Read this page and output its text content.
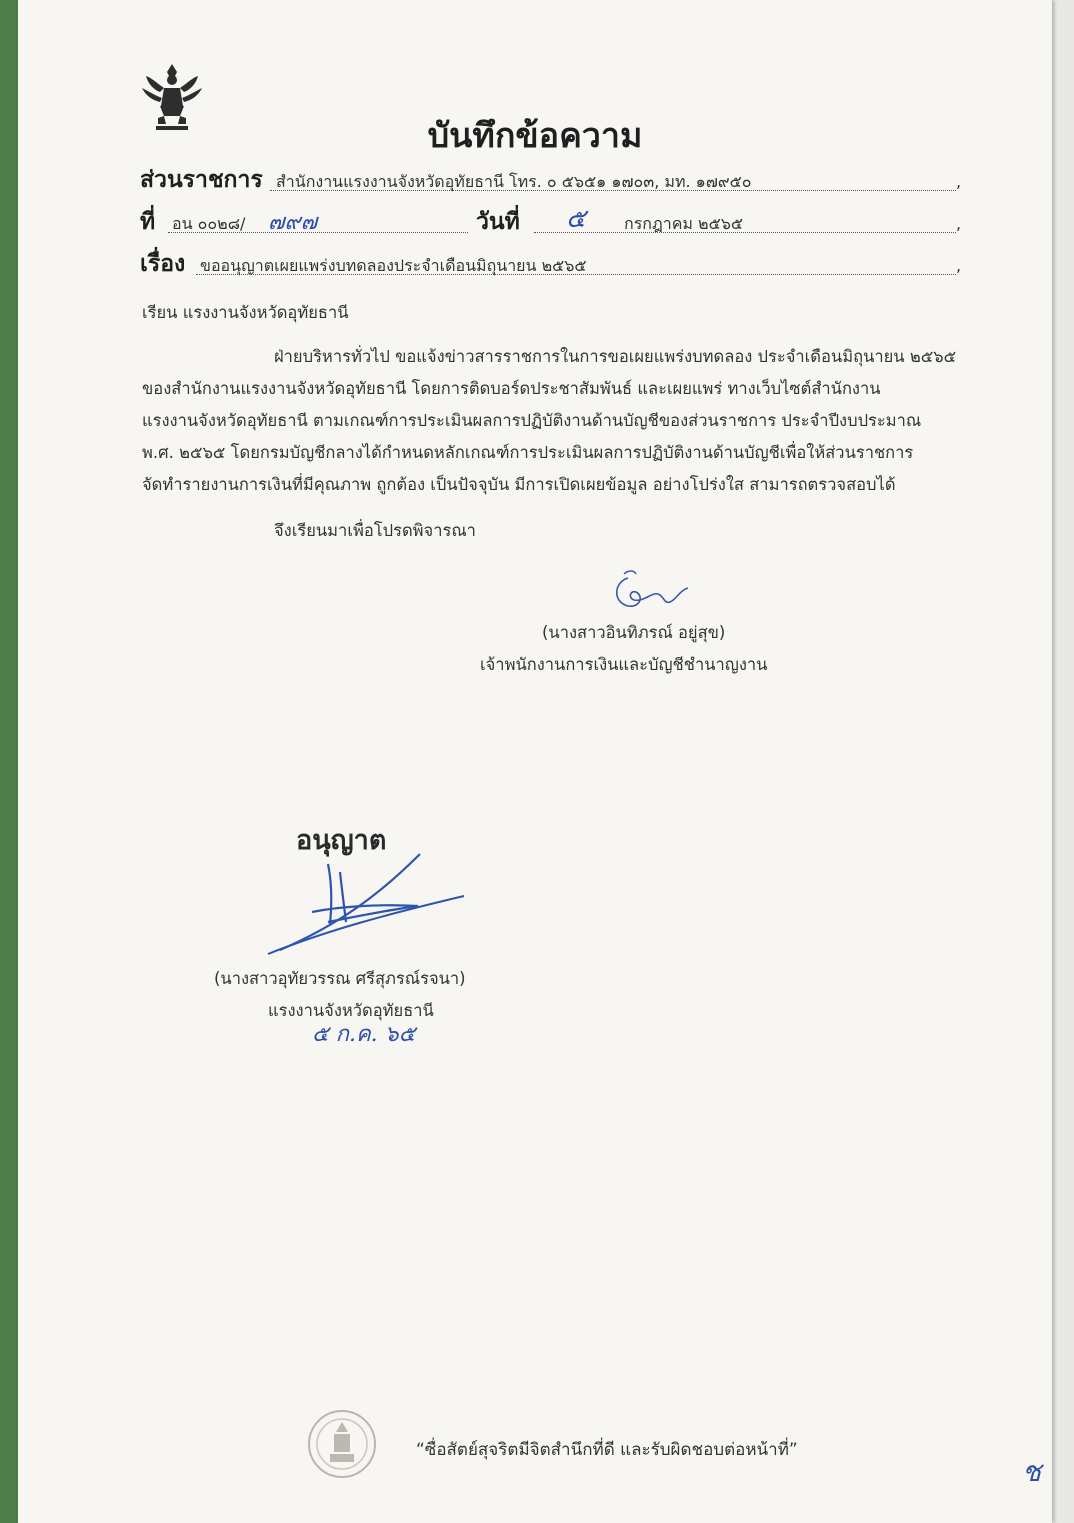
บันทึกข้อความ
ส่วนราชการ สำนักงานแรงงานจังหวัดอุทัยธานี โทร. ๐ ๕๖๕๑ ๑๗๐๓, มท. ๑๗๙๕๐	,
ที่ อน ๐๐๒๘/ ๗๙๗	วันที่ ๕ กรกฎาคม ๒๕๖๕	,
เรื่อง ขออนุญาตเผยแพร่งบทดลองประจำเดือนมิถุนายน ๒๕๖๕	,
เรียน แรงงานจังหวัดอุทัยธานี
ฝ่ายบริหารทั่วไป ขอแจ้งข่าวสารราชการในการขอเผยแพร่งบทดลอง ประจำเดือนมิถุนายน ๒๕๖๕
ของสำนักงานแรงงานจังหวัดอุทัยธานี โดยการติดบอร์ดประชาสัมพันธ์ และเผยแพร่ ทางเว็บไซต์สำนักงาน
แรงงานจังหวัดอุทัยธานี ตามเกณฑ์การประเมินผลการปฏิบัติงานด้านบัญชีของส่วนราชการ ประจำปีงบประมาณ
พ.ศ. ๒๕๖๕ โดยกรมบัญชีกลางได้กำหนดหลักเกณฑ์การประเมินผลการปฏิบัติงานด้านบัญชีเพื่อให้ส่วนราชการ
จัดทำรายงานการเงินที่มีคุณภาพ ถูกต้อง เป็นปัจจุบัน มีการเปิดเผยข้อมูล อย่างโปร่งใส สามารถตรวจสอบได้
จึงเรียนมาเพื่อโปรดพิจารณา
(นางสาวอินทิภรณ์ อยู่สุข)
เจ้าพนักงานการเงินและบัญชีชำนาญงาน
อนุญาต
(นางสาวอุทัยวรรณ ศรีสุภรณ์รจนา)
แรงงานจังหวัดอุทัยธานี
๕ ก.ค. ๖๕
“ซื่อสัตย์สุจริตมีจิตสำนึกที่ดี และรับผิดชอบต่อหน้าที่”
ช
